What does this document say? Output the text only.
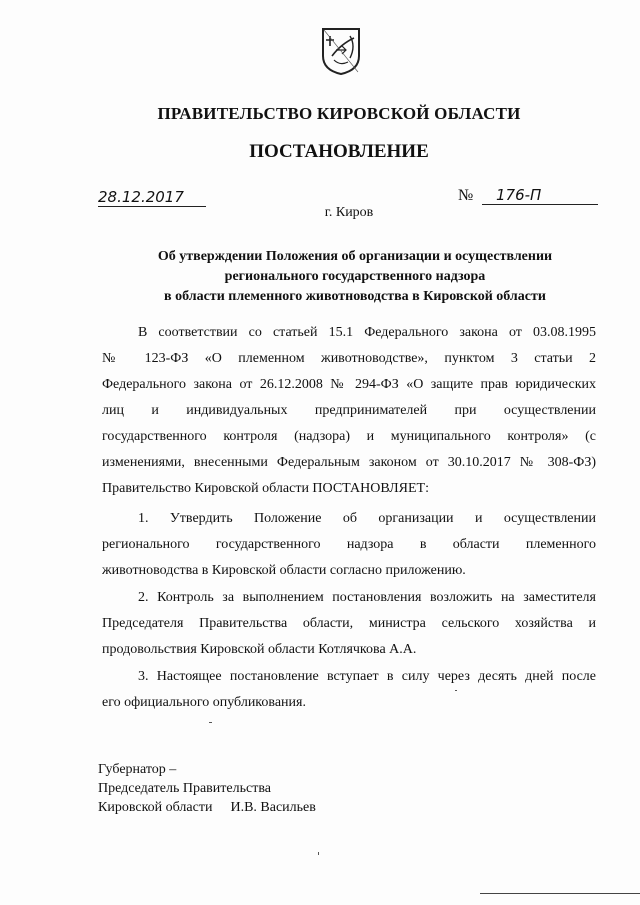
ПРАВИТЕЛЬСТВО КИРОВСКОЙ ОБЛАСТИ
ПОСТАНОВЛЕНИЕ
28.12.2017	№ 176-П
г. Киров
Об утверждении Положения об организации и осуществлении
регионального государственного надзора
в области племенного животноводства в Кировской области
В соответствии со статьей 15.1 Федерального закона от 03.08.1995
№ 123-ФЗ «О племенном животноводстве», пунктом 3 статьи 2
Федерального закона от 26.12.2008 № 294-ФЗ «О защите прав юридических
лиц и индивидуальных предпринимателей при осуществлении
государственного контроля (надзора) и муниципального контроля» (с
изменениями, внесенными Федеральным законом от 30.10.2017 № 308-ФЗ)
Правительство Кировской области ПОСТАНОВЛЯЕТ:
1. Утвердить Положение об организации и осуществлении
регионального государственного надзора в области племенного
животноводства в Кировской области согласно приложению.
2. Контроль за выполнением постановления возложить на заместителя
Председателя Правительства области, министра сельского хозяйства и
продовольствия Кировской области Котлячкова А.А.
3. Настоящее постановление вступает в силу через десять дней после
его официального опубликования.
Губернатор –
Председатель Правительства
Кировской области И.В. Васильев
